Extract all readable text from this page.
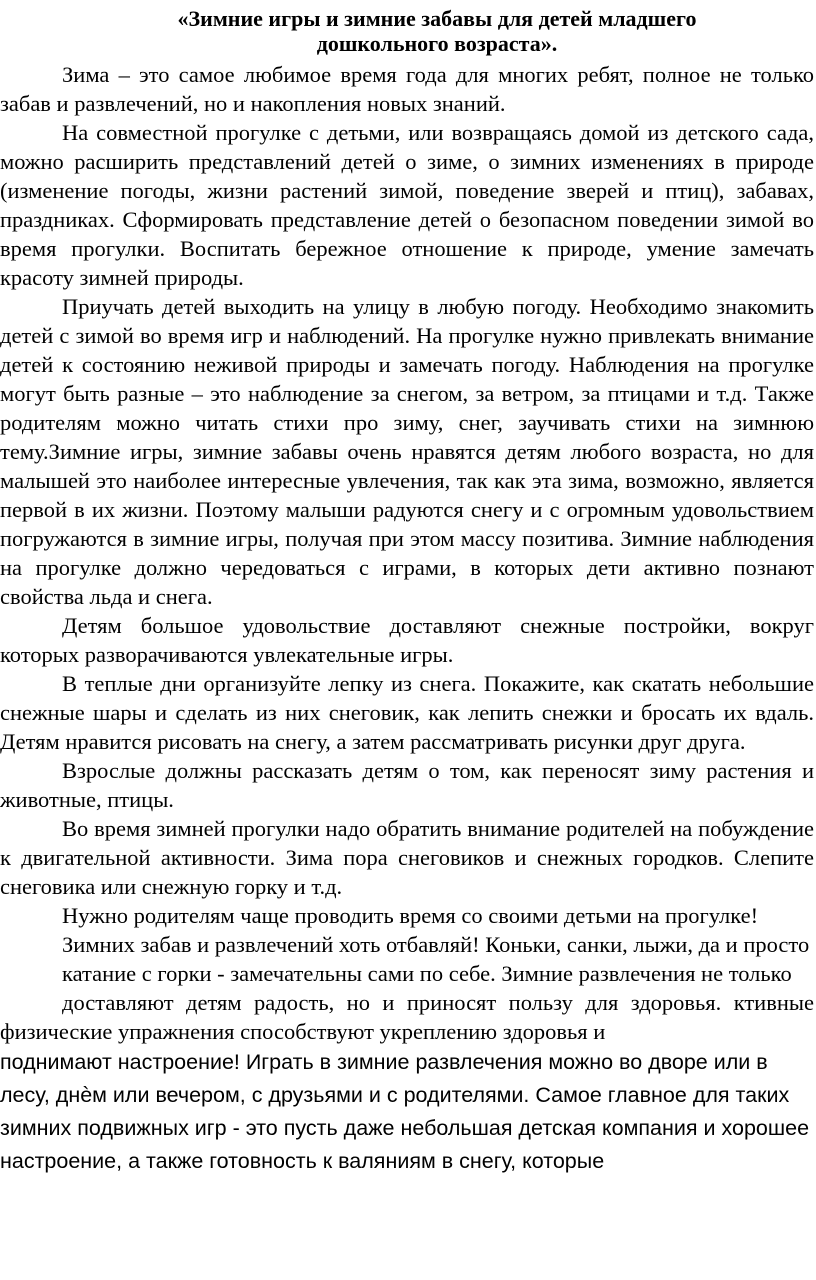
«Зимние игры и зимние забавы для детей младшего
дошкольного возраста».

Зима – это самое любимое время года для многих ребят, полное не только забав и развлечений, но и накопления новых знаний.

На совместной прогулке с детьми, или возвращаясь домой из детского сада, можно расширить представлений детей о зиме, о зимних изменениях в природе (изменение погоды, жизни растений зимой, поведение зверей и птиц), забавах, праздниках. Сформировать представление детей о безопасном поведении зимой во время прогулки. Воспитать бережное отношение к природе, умение замечать красоту зимней природы.

Приучать детей выходить на улицу в любую погоду. Необходимо знакомить детей с зимой во время игр и наблюдений. На прогулке нужно привлекать внимание детей к состоянию неживой природы и замечать погоду. Наблюдения на прогулке могут быть разные – это наблюдение за снегом, за ветром, за птицами и т.д. Также родителям можно читать стихи про зиму, снег, заучивать стихи на зимнюю тему.Зимние игры, зимние забавы очень нравятся детям любого возраста, но для малышей это наиболее интересные увлечения, так как эта зима, возможно, является первой в их жизни. Поэтому малыши радуются снегу и с огромным удовольствием погружаются в зимние игры, получая при этом массу позитива. Зимние наблюдения на прогулке должно чередоваться с играми, в которых дети активно познают свойства льда и снега.

Детям большое удовольствие доставляют снежные постройки, вокруг которых разворачиваются увлекательные игры.

В теплые дни организуйте лепку из снега. Покажите, как скатать небольшие снежные шары и сделать из них снеговик, как лепить снежки и бросать их вдаль. Детям нравится рисовать на снегу, а затем рассматривать рисунки друг друга.

Взрослые должны рассказать детям о том, как переносят зиму растения и животные, птицы.

Во время зимней прогулки надо обратить внимание родителей на побуждение к двигательной активности. Зима пора снеговиков и снежных городков. Слепите снеговика или снежную горку и т.д.

Нужно родителям чаще проводить время со своими детьми на прогулке!

Зимних забав и развлечений хоть отбавляй! Коньки, санки, лыжи, да и просто

катание с горки - замечательны сами по себе. Зимние развлечения не только

доставляют детям радость, но и приносят пользу для здоровья. ктивные физические упражнения способствуют укреплению здоровья и

поднимают настроение! Играть в зимние развлечения можно во дворе или в лесу, днѐм или вечером, с друзьями и с родителями. Самое главное для таких зимних подвижных игр - это пусть даже небольшая детская компания и хорошее настроение, а также готовность к валяниям в снегу, которые
